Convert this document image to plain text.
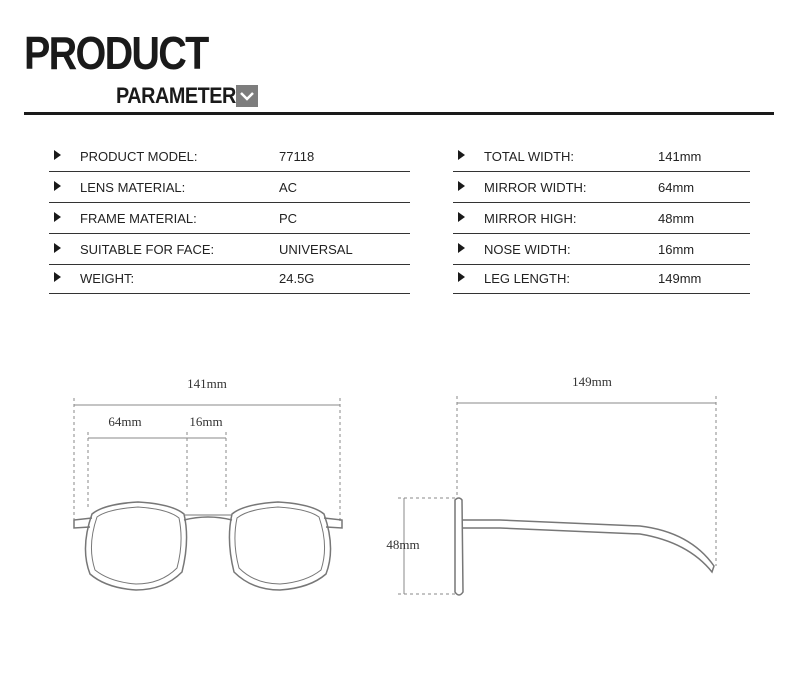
PRODUCT
PARAMETER
PRODUCT MODEL:	77118
LENS MATERIAL:	AC
FRAME MATERIAL:	PC
SUITABLE FOR FACE:	UNIVERSAL
WEIGHT:	24.5G
TOTAL WIDTH:	141mm
MIRROR WIDTH:	64mm
MIRROR HIGH:	48mm
NOSE WIDTH:	16mm
LEG LENGTH:	149mm
141mm
64mm	16mm
149mm
48mm
